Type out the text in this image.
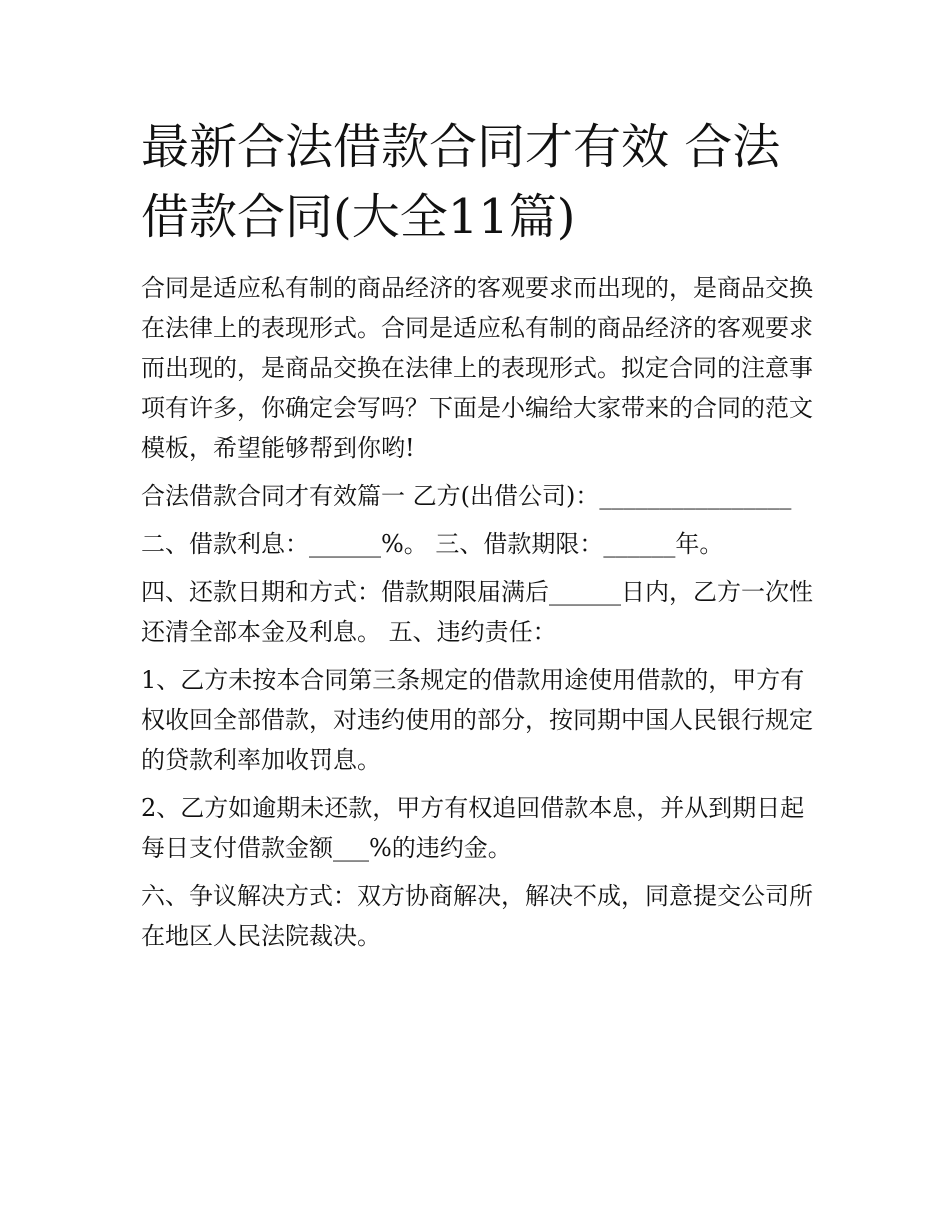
最新合法借款合同才有效 合法借款合同(大全11篇)

合同是适应私有制的商品经济的客观要求而出现的，是商品交换在法律上的表现形式。合同是适应私有制的商品经济的客观要求而出现的，是商品交换在法律上的表现形式。拟定合同的注意事项有许多，你确定会写吗？下面是小编给大家带来的合同的范文模板，希望能够帮到你哟!

合法借款合同才有效篇一 乙方(出借公司)：________________

二、借款利息：______%。 三、借款期限：______年。

四、还款日期和方式：借款期限届满后______日内，乙方一次性还清全部本金及利息。 五、违约责任：

1、乙方未按本合同第三条规定的借款用途使用借款的，甲方有权收回全部借款，对违约使用的部分，按同期中国人民银行规定的贷款利率加收罚息。

2、乙方如逾期未还款，甲方有权追回借款本息，并从到期日起每日支付借款金额___%的违约金。

六、争议解决方式：双方协商解决，解决不成，同意提交公司所在地区人民法院裁决。
